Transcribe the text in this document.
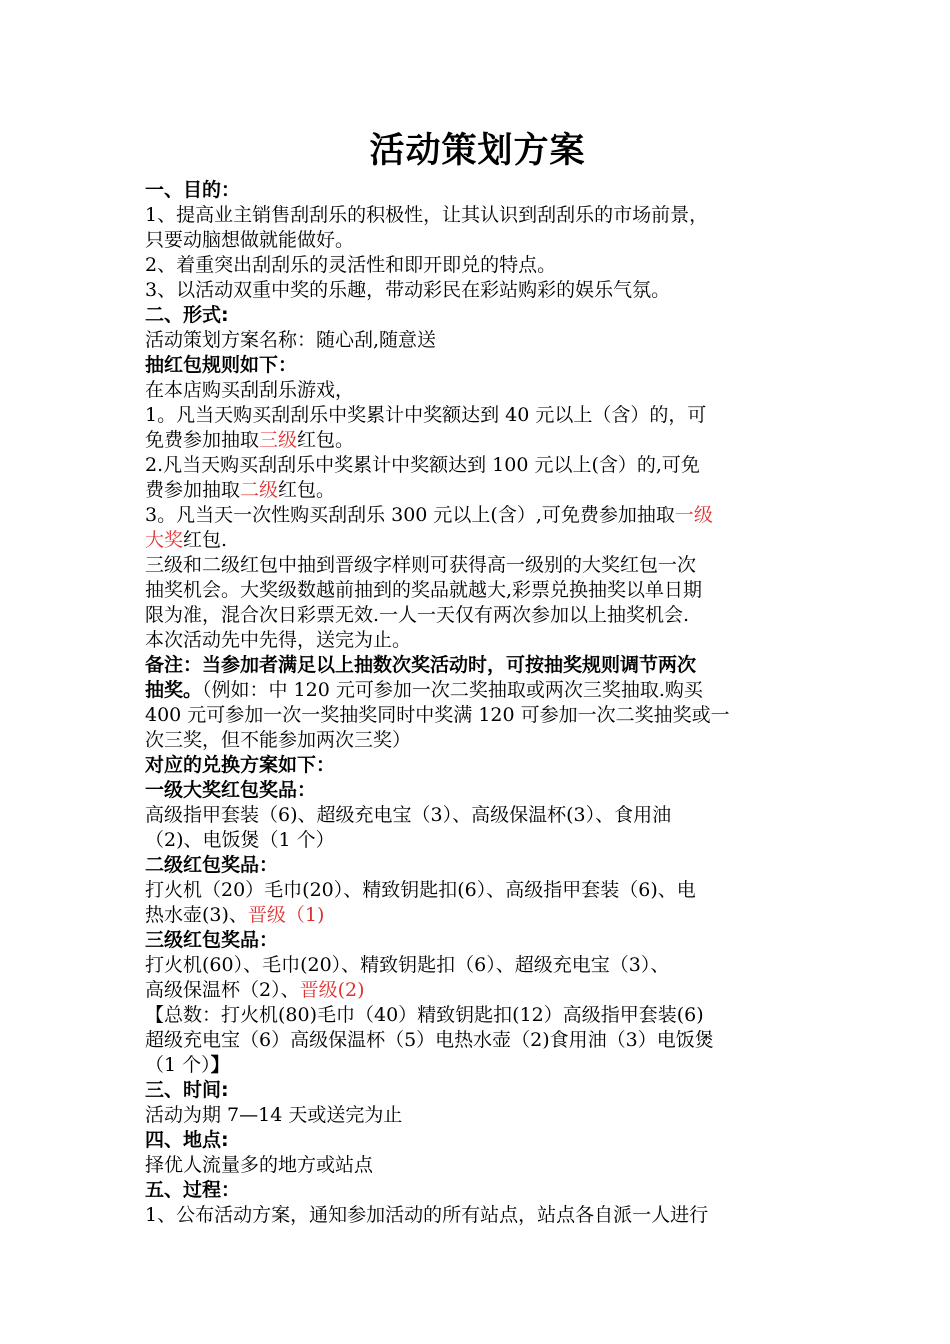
活动策划方案

一、目的：

1、提高业主销售刮刮乐的积极性，让其认识到刮刮乐的市场前景，

只要动脑想做就能做好。

2、着重突出刮刮乐的灵活性和即开即兑的特点。

3、以活动双重中奖的乐趣，带动彩民在彩站购彩的娱乐气氛。

二、形式:

活动策划方案名称：随心刮,随意送

抽红包规则如下：

在本店购买刮刮乐游戏，

1。凡当天购买刮刮乐中奖累计中奖额达到 40 元以上（含）的，可

免费参加抽取三级红包。

2.凡当天购买刮刮乐中奖累计中奖额达到 100 元以上(含）的,可免

费参加抽取二级红包。

3。凡当天一次性购买刮刮乐 300 元以上(含）,可免费参加抽取一级

大奖红包.

三级和二级红包中抽到晋级字样则可获得高一级别的大奖红包一次

抽奖机会。大奖级数越前抽到的奖品就越大,彩票兑换抽奖以单日期

限为准，混合次日彩票无效.一人一天仅有两次参加以上抽奖机会.

本次活动先中先得，送完为止。

备注：当参加者满足以上抽数次奖活动时，可按抽奖规则调节两次

抽奖。（例如：中 120 元可参加一次二奖抽取或两次三奖抽取.购买

400 元可参加一次一奖抽奖同时中奖满 120 可参加一次二奖抽奖或一

次三奖，但不能参加两次三奖）

对应的兑换方案如下：

一级大奖红包奖品：

高级指甲套装（6)、超级充电宝（3）、高级保温杯(3）、食用油

（2)、电饭煲（1 个）

二级红包奖品：

打火机（20）毛巾(20）、精致钥匙扣(6）、高级指甲套装（6)、电

热水壶(3)、晋级（1)

三级红包奖品：

打火机(60）、毛巾(20）、精致钥匙扣（6）、超级充电宝（3）、

高级保温杯（2）、晋级(2)

【总数：打火机(80)毛巾（40）精致钥匙扣(12）高级指甲套装(6)

超级充电宝（6）高级保温杯（5）电热水壶（2)食用油（3）电饭煲

（1 个）】

三、时间:

活动为期 7—14 天或送完为止

四、地点:

择优人流量多的地方或站点

五、过程：

1、公布活动方案，通知参加活动的所有站点，站点各自派一人进行
